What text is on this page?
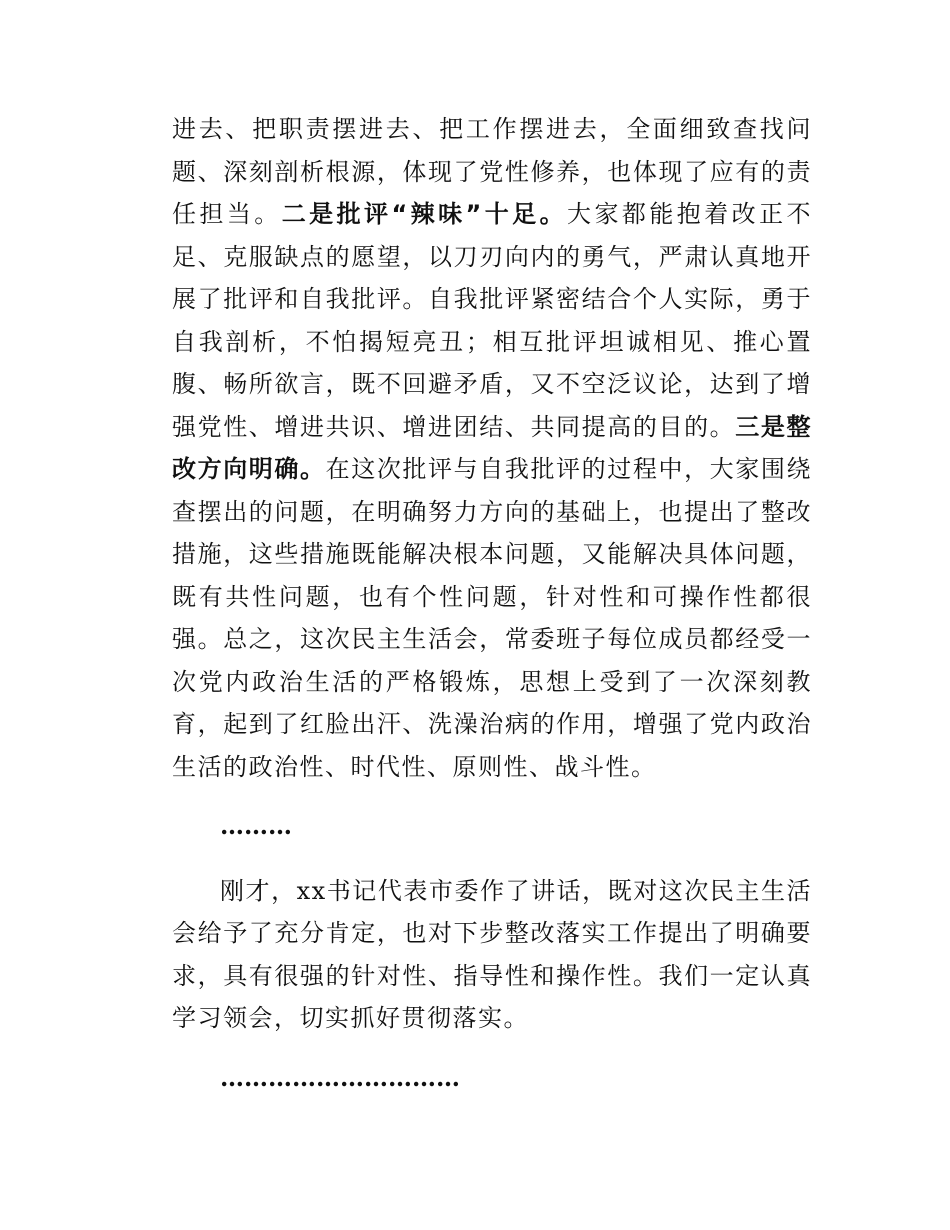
进去、把职责摆进去、把工作摆进去，全面细致查找问题、深刻剖析根源，体现了党性修养，也体现了应有的责任担当。二是批评“辣味”十足。大家都能抱着改正不足、克服缺点的愿望，以刀刃向内的勇气，严肃认真地开展了批评和自我批评。自我批评紧密结合个人实际，勇于自我剖析，不怕揭短亮丑；相互批评坦诚相见、推心置腹、畅所欲言，既不回避矛盾，又不空泛议论，达到了增强党性、增进共识、增进团结、共同提高的目的。三是整改方向明确。在这次批评与自我批评的过程中，大家围绕查摆出的问题，在明确努力方向的基础上，也提出了整改措施，这些措施既能解决根本问题，又能解决具体问题，既有共性问题，也有个性问题，针对性和可操作性都很强。总之，这次民主生活会，常委班子每位成员都经受一次党内政治生活的严格锻炼，思想上受到了一次深刻教育，起到了红脸出汗、洗澡治病的作用，增强了党内政治生活的政治性、时代性、原则性、战斗性。

………

刚才，xx书记代表市委作了讲话，既对这次民主生活会给予了充分肯定，也对下步整改落实工作提出了明确要求，具有很强的针对性、指导性和操作性。我们一定认真学习领会，切实抓好贯彻落实。

…………………………
